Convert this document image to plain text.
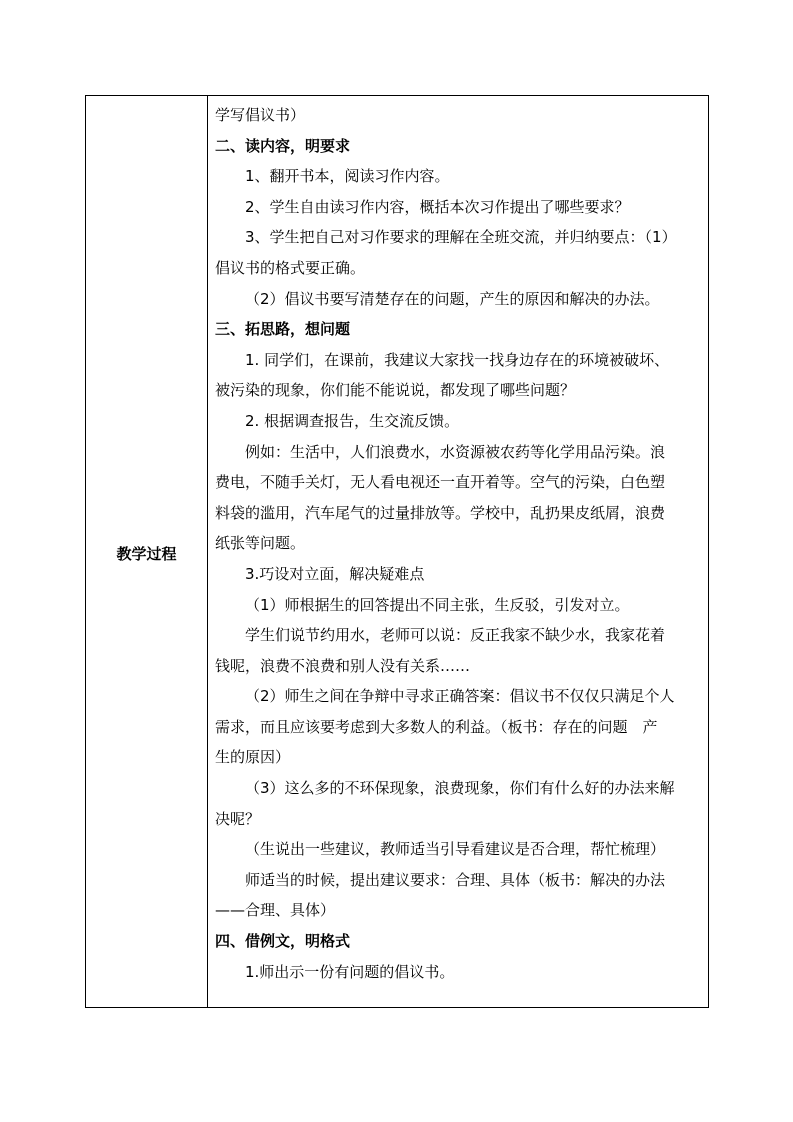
教学过程	
学写倡议书）
二、读内容，明要求
1、翻开书本，阅读习作内容。
2、学生自由读习作内容，概括本次习作提出了哪些要求？
3、学生把自己对习作要求的理解在全班交流，并归纳要点：（1）
倡议书的格式要正确。
（2）倡议书要写清楚存在的问题，产生的原因和解决的办法。
三、拓思路，想问题
1. 同学们，在课前，我建议大家找一找身边存在的环境被破坏、
被污染的现象，你们能不能说说，都发现了哪些问题？
2. 根据调查报告，生交流反馈。
例如：生活中，人们浪费水，水资源被农药等化学用品污染。浪
费电，不随手关灯，无人看电视还一直开着等。空气的污染，白色塑
料袋的滥用，汽车尾气的过量排放等。学校中，乱扔果皮纸屑，浪费
纸张等问题。
3.巧设对立面，解决疑难点
（1）师根据生的回答提出不同主张，生反驳，引发对立。
学生们说节约用水，老师可以说：反正我家不缺少水，我家花着
钱呢，浪费不浪费和别人没有关系……
（2）师生之间在争辩中寻求正确答案：倡议书不仅仅只满足个人
需求，而且应该要考虑到大多数人的利益。（板书：存在的问题　产
生的原因）
（3）这么多的不环保现象，浪费现象，你们有什么好的办法来解
决呢？
（生说出一些建议，教师适当引导看建议是否合理，帮忙梳理）
师适当的时候，提出建议要求：合理、具体（板书：解决的办法
——合理、具体）
四、借例文，明格式
1.师出示一份有问题的倡议书。
